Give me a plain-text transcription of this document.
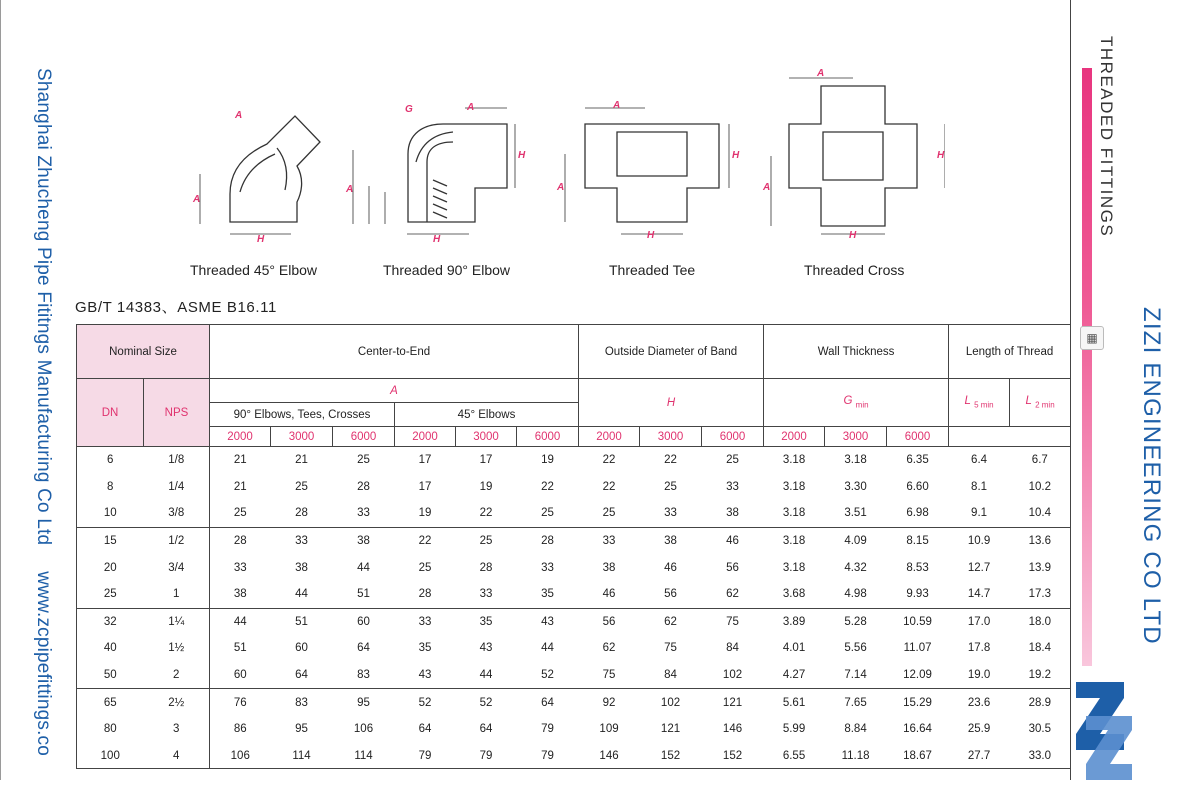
Shanghai Zhucheng Pipe Fititngs Manufacturing Co Ltdwww.zcpipefittings.co
A
H
A
A
H
A
H
G
A
A
H
H
A
A
H
H
Threaded 45° Elbow	Threaded 90° Elbow	Threaded Tee	Threaded Cross
GB/T 14383、ASME B16.11
Nominal Size		Center-to-End						Outside Diameter of Band			Wall Thickness			Length of Thread	
DN	NPS	A						H			G $_{min}$			L $_{5 min}$	L $_{2 min}$
		90° Elbows, Tees, Crosses			45° Elbows										
		2000	3000	6000	2000	3000	6000	2000	3000	6000	2000	3000	6000		
6	1/8	21	21	25	17	17	19	22	22	25	3.18	3.18	6.35	6.4	6.7
8	1/4	21	25	28	17	19	22	22	25	33	3.18	3.30	6.60	8.1	10.2
10	3/8	25	28	33	19	22	25	25	33	38	3.18	3.51	6.98	9.1	10.4
15	1/2	28	33	38	22	25	28	33	38	46	3.18	4.09	8.15	10.9	13.6
20	3/4	33	38	44	25	28	33	38	46	56	3.18	4.32	8.53	12.7	13.9
25	1	38	44	51	28	33	35	46	56	62	3.68	4.98	9.93	14.7	17.3
32	1¼	44	51	60	33	35	43	56	62	75	3.89	5.28	10.59	17.0	18.0
40	1½	51	60	64	35	43	44	62	75	84	4.01	5.56	11.07	17.8	18.4
50	2	60	64	83	43	44	52	75	84	102	4.27	7.14	12.09	19.0	19.2
65	2½	76	83	95	52	52	64	92	102	121	5.61	7.65	15.29	23.6	28.9
80	3	86	95	106	64	64	79	109	121	146	5.99	8.84	16.64	25.9	30.5
100	4	106	114	114	79	79	79	146	152	152	6.55	11.18	18.67	27.7	33.0
THREADED FITTINGS
ZIZI ENGINEERING CO LTD
▦
